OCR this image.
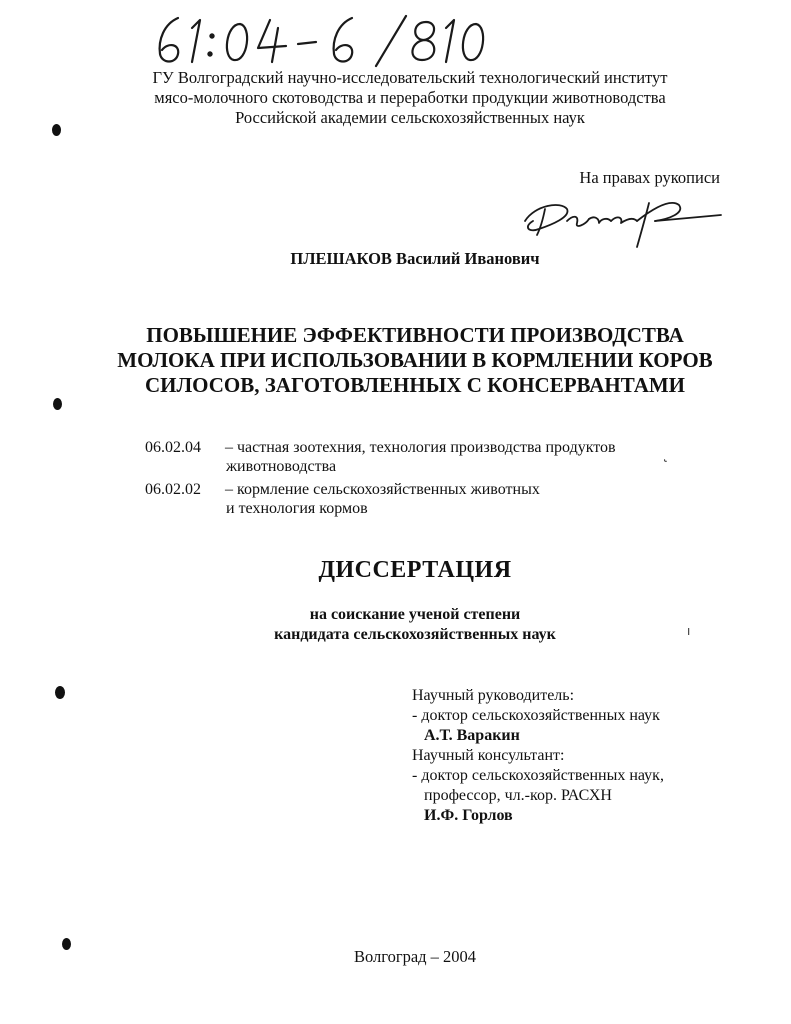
ГУ Волгоградский научно-исследовательский технологический институт
мясо-молочного скотоводства и переработки продукции животноводства
Российской академии сельскохозяйственных наук
На правах рукописи
ПЛЕШАКОВ Василий Иванович
ПОВЫШЕНИЕ ЭФФЕКТИВНОСТИ ПРОИЗВОДСТВА
МОЛОКА ПРИ ИСПОЛЬЗОВАНИИ В КОРМЛЕНИИ КОРОВ
СИЛОСОВ, ЗАГОТОВЛЕННЫХ С КОНСЕРВАНТАМИ
06.02.04 – частная зоотехния, технология производства продуктов
животноводства
06.02.02 – кормление сельскохозяйственных животных
и технология кормов
ДИССЕРТАЦИЯ
на соискание ученой степени
кандидата сельскохозяйственных наук
Научный руководитель:
- доктор сельскохозяйственных наук
А.Т. Варакин
Научный консультант:
- доктор сельскохозяйственных наук,
профессор, чл.-кор. РАСХН
И.Ф. Горлов
Волгоград – 2004
˛
˙
ı
